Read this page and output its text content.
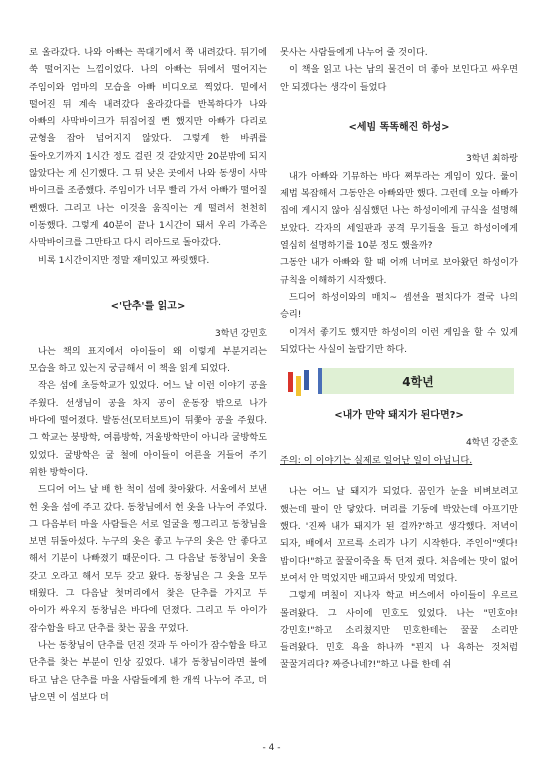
로 올라갔다. 나와 아빠는 꼭대기에서 쭉 내려갔다. 뒤기에 쑥 떨어지는 느낌이었다. 나의 아빠는 뒤에서 떨어지는 주임이와 엄마의 모습을 아빠 비디오로 찍었다. 밑에서 떨어진 뒤 계속 내려갔다 올라갔다를 반복하다가 나와 아빠의 사막바이크가 뒤집어질 뻔 했지만 아빠가 다리로 균형을 잡아 넘어지지 않았다. 그렇게 한 바퀴를 돌아오기까지 1시간 정도 걸린 것 같았지만 20분밖에 되지 않았다는 게 신기했다. 그 뒤 낮은 곳에서 나와 동생이 사막 바이크를 조종했다. 주임이가 너무 빨리 가서 아빠가 떨어질 뻔했다. 그리고 나는 이것을 움직이는 게 떨려서 천천히 이동했다. 그렇게 40분이 끝나 1시간이 돼서 우리 가족은 사막바이크를 그만타고 다시 리아드로 돌아갔다.

비록 1시간이지만 정말 재미있고 짜릿했다.

<'단추'를 읽고>

3학년 강민호

나는 책의 표지에서 아이들이 왜 이렇게 부분거리는 모습을 하고 있는지 궁금해서 이 책을 읽게 되었다.

작은 섬에 초등학교가 있었다. 어느 날 이런 이야기 공을 주웠다. 선생님이 공을 차지 공이 운동장 밖으로 나가 바다에 떨어졌다. 발동선(모터보트)이 뒤쫓아 공을 주웠다. 그 학교는 붕방학, 여름방학, 겨울방학만이 아니라 굴방학도 있었다. 굴방학은 굴 철에 아이들이 어른을 거들어 주기 위한 방학이다.

드디어 어느 날 배 한 척이 섬에 찾아왔다. 서울에서 보낸 헌 옷을 섬에 주고 갔다. 동창님에서 헌 옷을 나누어 주었다. 그 다음부터 마을 사람들은 서로 얼굴을 찡그리고 동창님을 보면 뒤돌아섰다. 누구의 옷은 좋고 누구의 옷은 안 좋다고 해서 기분이 나빠졌기 때문이다. 그 다음날 동창님이 옷을 갖고 오라고 해서 모두 갖고 왔다. 동창님은 그 옷을 모두 태웠다. 그 다음날 첫머리에서 찾은 단추를 가지고 두 아이가 싸우지 동창님은 바다에 던졌다. 그리고 두 아이가 잠수함을 타고 단추를 찾는 꿈을 꾸었다.

나는 동창님이 단추를 던진 것과 두 아이가 잠수함을 타고 단추를 찾는 부분이 인상 깊었다. 내가 동창님이라면 불에 타고 남은 단추를 마을 사람들에게 한 개씩 나누어 주고, 더 남으면 이 섬보다 더

못사는 사람들에게 나누어 줄 것이다.

이 책을 읽고 나는 남의 물건이 더 좋아 보인다고 싸우면 안 되겠다는 생각이 들었다

<세빔 똑똑해진 하성>

3학년 최하랑

내가 아빠와 기뮤하는 바다 쪄투라는 게임이 있다. 룰이 제법 복잡해서 그동안은 아빠와만 했다. 그런데 오늘 아빠가 집에 게시지 않아 심심했던 나는 하성이에게 규식을 설명해 보았다. 각자의 세일판과 공격 무기들을 들고 하성이에게 열심히 설명하기를 10분 정도 했을까?

그동안 내가 아빠와 할 때 어깨 너머로 보아왔던 하성이가 규칙을 이해하기 시작했다.

드디어 하성이와의 매치~ 셉션을 펼치다가 결국 나의 승리!

이겨서 좋기도 했지만 하성이의 이런 게임을 할 수 있게 되었다는 사실이 놀랍기만 하다.

4학년

<내가 만약 돼지가 된다면?>

4학년 강준호

주의: 이 이야기는 실제로 일어난 일이 아닙니다.

나는 어느 날 돼지가 되었다. 꿈인가 눈을 비벼보려고 했는데 팔이 안 닿았다. 머리를 기둥에 박았는데 아프기만 했다. '진짜 내가 돼지가 된 걸까?'하고 생각했다. 저녁이 되자, 배에서 꼬르륵 소리가 나기 시작한다. 주인이"옛다! 밥이다!"하고 꿀꿀이죽을 툭 던져 줬다. 처음에는 맛이 없어 보여서 안 먹었지만 배고파서 맛있게 먹었다.

그렇게 며칠이 지나자 학교 버스에서 아이들이 우르르 몰려왔다. 그 사이에 민호도 있었다. 나는 "민호야! 강민호!"하고 소리쳤지만 민호한테는 꿀꿀 소리만 들려왔다. 민호 욕을 하나까 "꾄지 나 욕하는 것처럼 꿀꿀거리다? 짜증나네?!"하고 나를 한데 쉬

- 4 -
